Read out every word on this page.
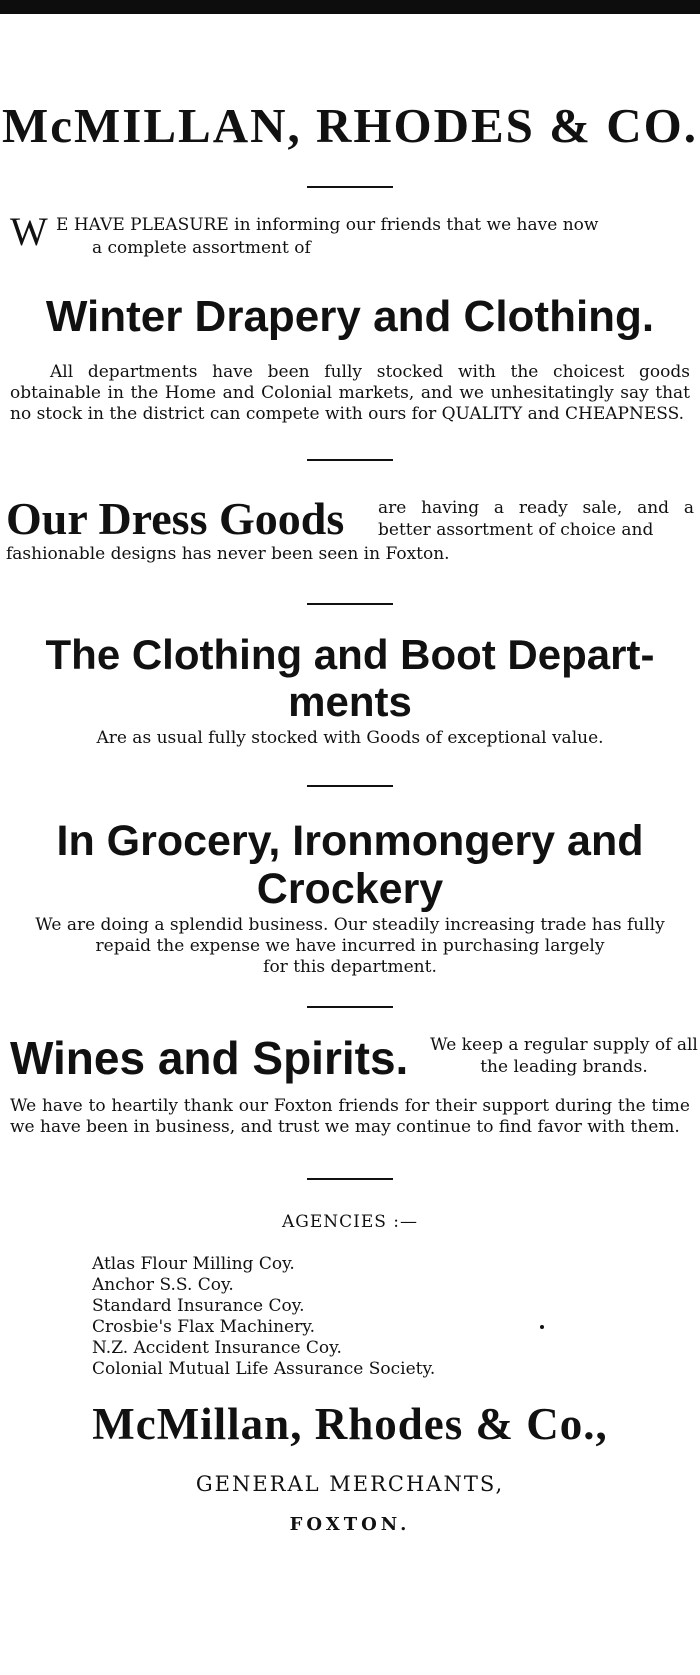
McMILLAN, RHODES & CO.
W E HAVE PLEASURE in informing our friends that we have now
a complete assortment of
Winter Drapery and Clothing.

All departments have been fully stocked with the choicest goods obtainable in the Home and Colonial markets, and we unhesitatingly say that no stock in the district can compete with ours for QUALITY and CHEAPNESS.

Our Dress Goods are having a ready sale, and a better assortment of choice and
fashionable designs has never been seen in Foxton.
The Clothing and Boot Depart-
ments
Are as usual fully stocked with Goods of exceptional value.
In Grocery, Ironmongery and
Crockery
We are doing a splendid business. Our steadily increasing trade has fully
repaid the expense we have incurred in purchasing largely
for this department.
Wines and Spirits. We keep a regular supply of all the leading brands.

We have to heartily thank our Foxton friends for their support during the time we have been in business, and trust we may continue to find favor with them.

AGENCIES :—
Atlas Flour Milling Coy.
Anchor S.S. Coy.
Standard Insurance Coy.
Crosbie's Flax Machinery.
N.Z. Accident Insurance Coy.
Colonial Mutual Life Assurance Society.
McMillan, Rhodes & Co.,
GENERAL MERCHANTS,
FOXTON.
